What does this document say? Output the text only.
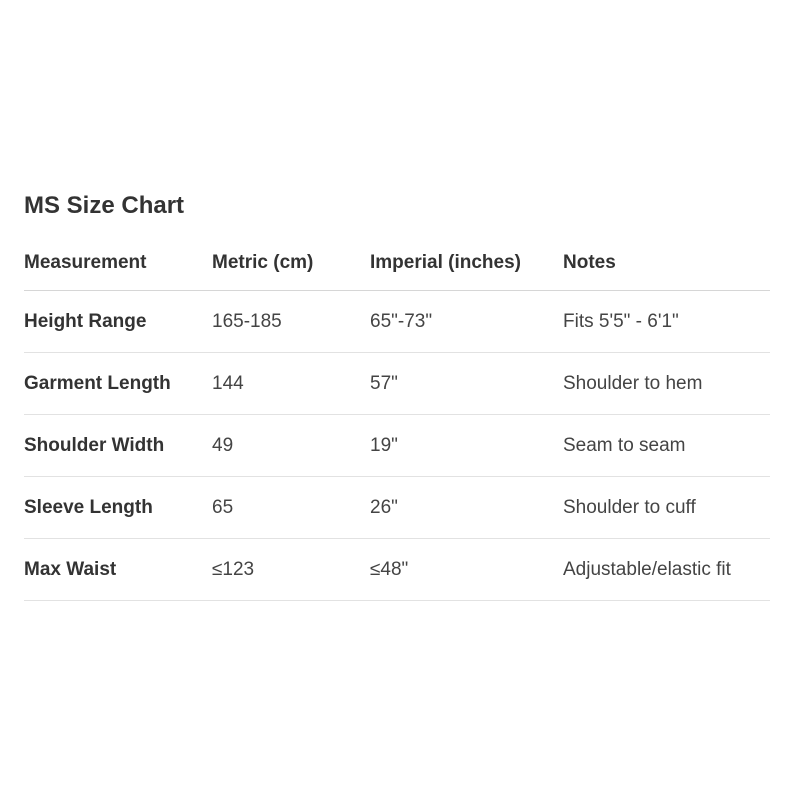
MS Size Chart
Measurement	Metric (cm)	Imperial (inches)	Notes
Height Range	165-185	65"-73"	Fits 5'5" - 6'1"
Garment Length	144	57"	Shoulder to hem
Shoulder Width	49	19"	Seam to seam
Sleeve Length	65	26"	Shoulder to cuff
Max Waist	≤123	≤48"	Adjustable/elastic fit
